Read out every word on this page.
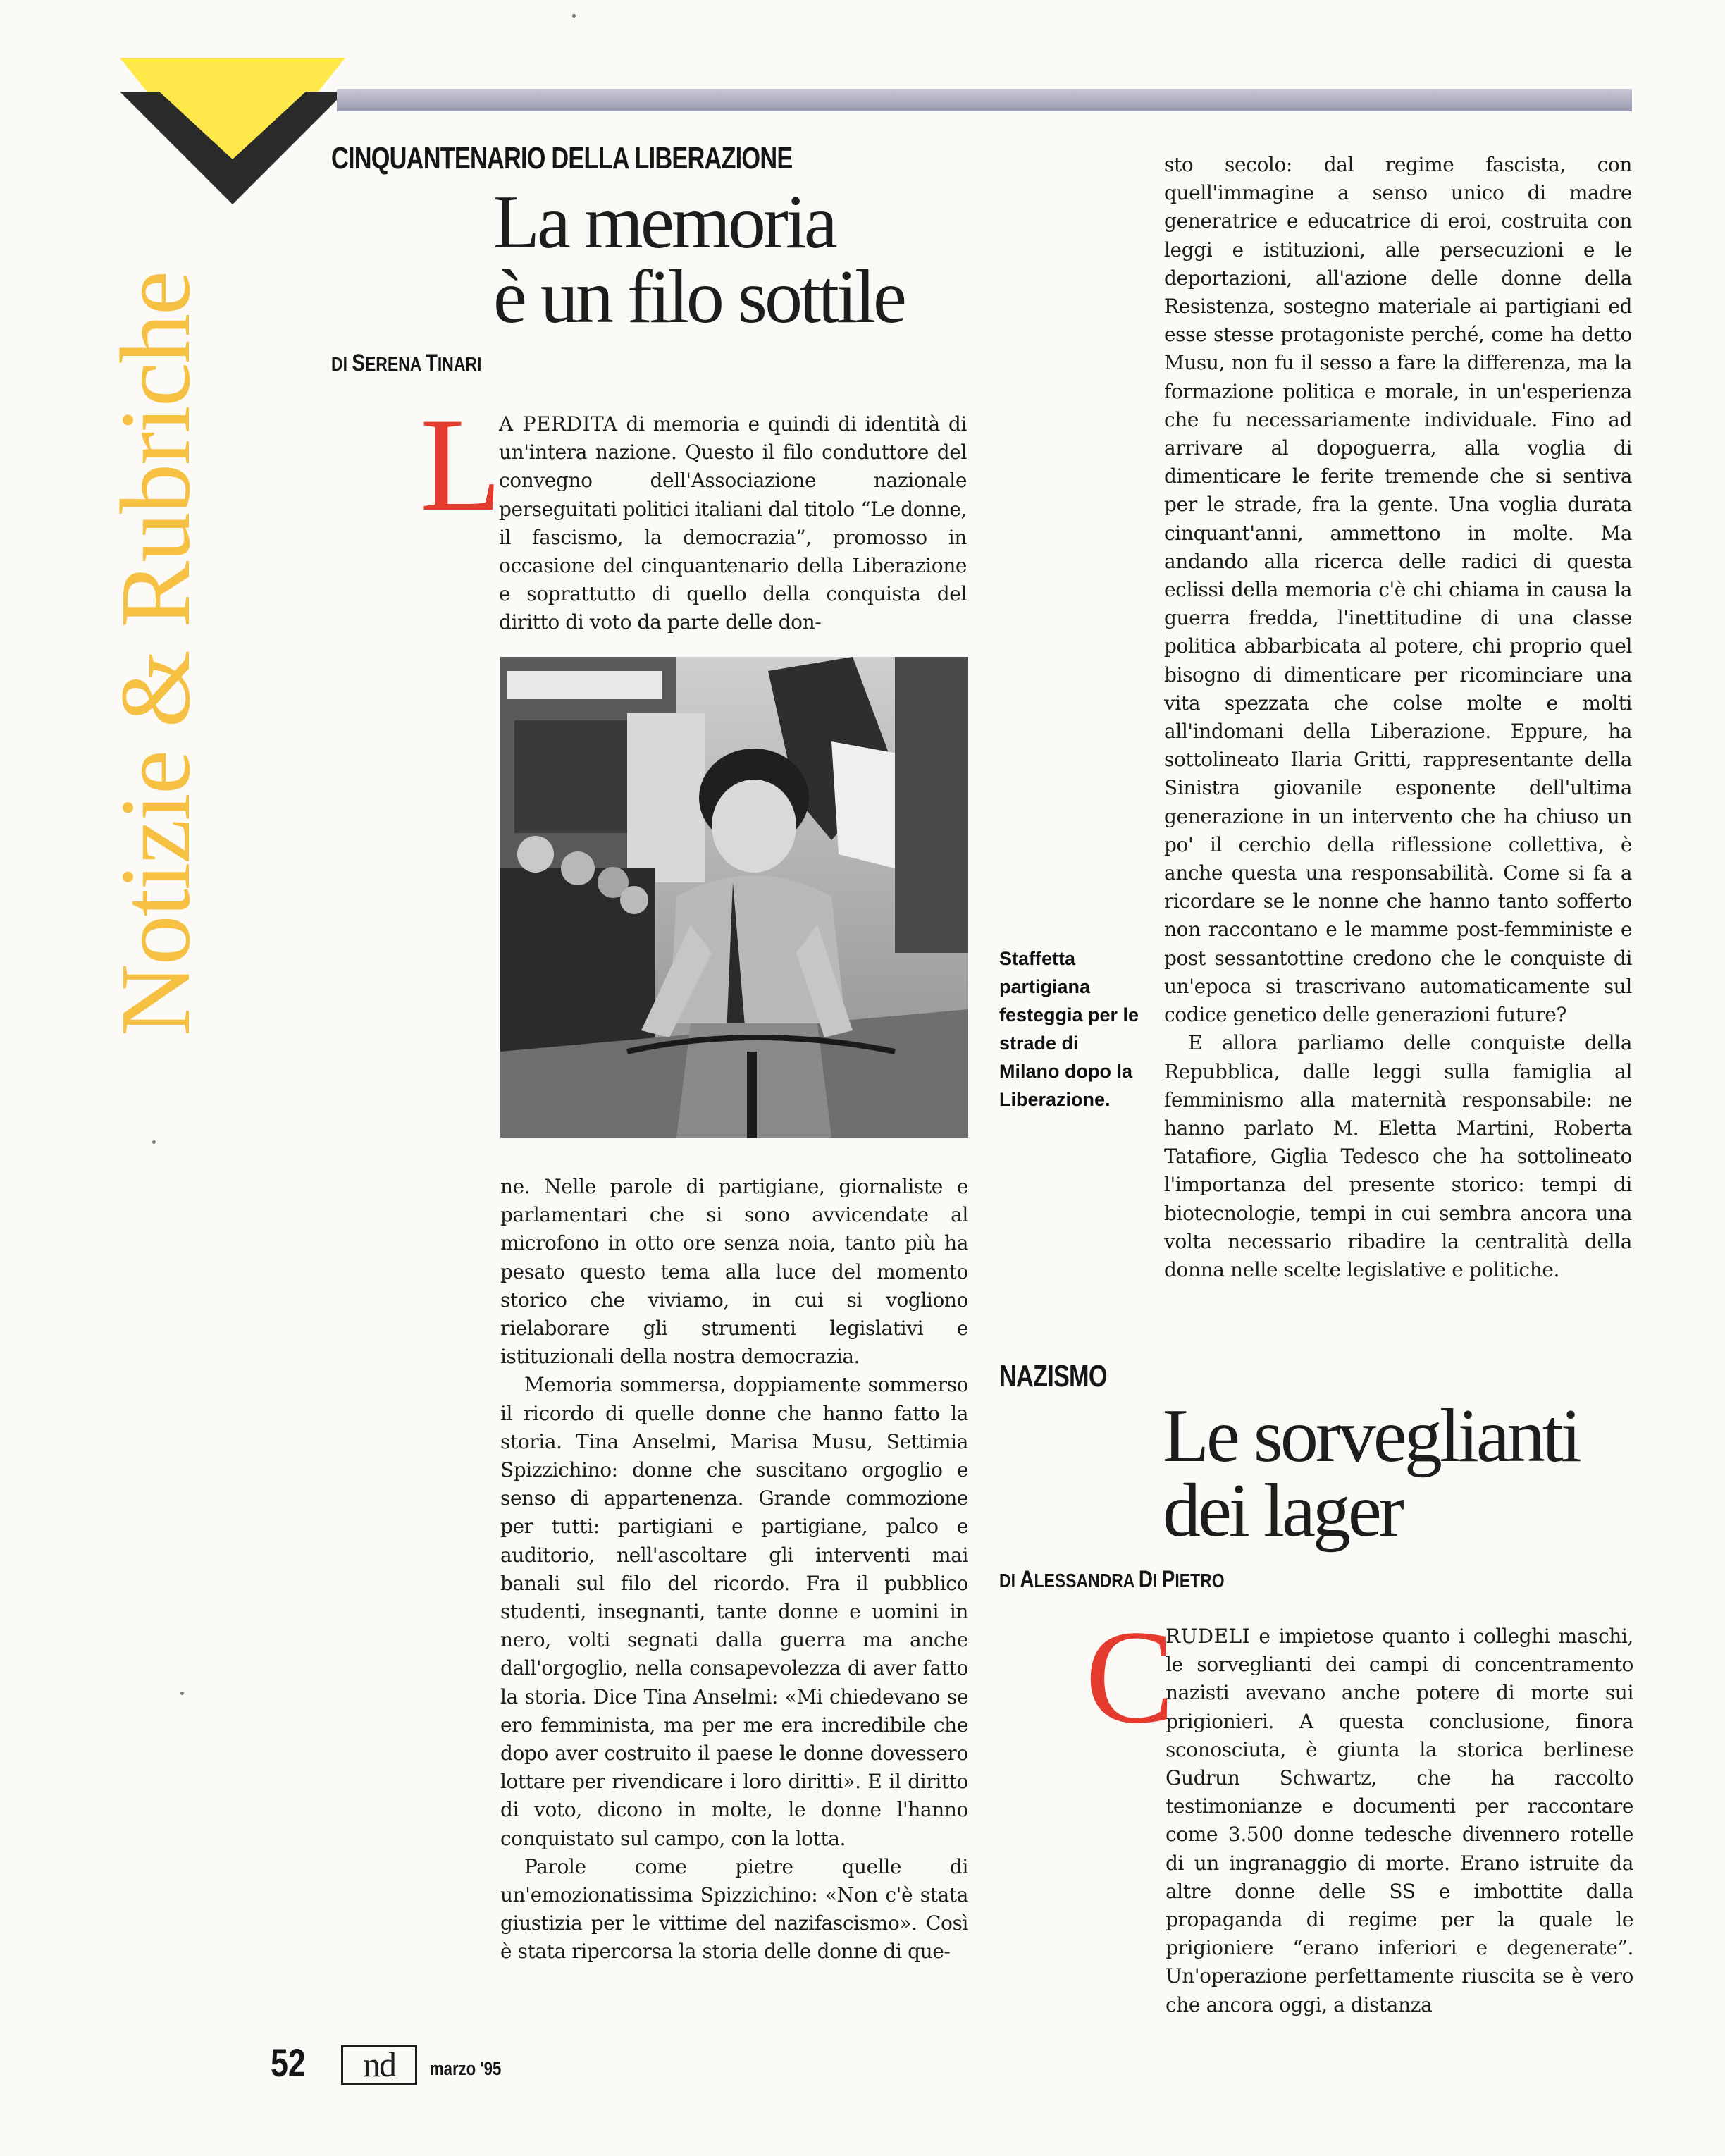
Notizie & Rubriche
CINQUANTENARIO DELLA LIBERAZIONE
La memoria
è un filo sottile
DI SERENA TINARI
L

A PERDITA di memoria e quindi di identità di un'intera nazione. Questo il filo conduttore del convegno dell'Associazione nazionale perseguitati politici italiani dal titolo “Le donne, il fascismo, la democrazia”, promosso in occasione del cinquantenario della Liberazione e soprattutto di quello della conquista del diritto di voto da parte delle don-

Staffetta partigiana festeggia per le strade di Milano dopo la Liberazione.

ne. Nelle parole di partigiane, giornaliste e parlamentari che si sono avvicendate al microfono in otto ore senza noia, tanto più ha pesato questo tema alla luce del momento storico che viviamo, in cui si vogliono rielaborare gli strumenti legislativi e istituzionali della nostra democrazia.

Memoria sommersa, doppiamente sommerso il ricordo di quelle donne che hanno fatto la storia. Tina Anselmi, Marisa Musu, Settimia Spizzichino: donne che suscitano orgoglio e senso di appartenenza. Grande commozione per tutti: partigiani e partigiane, palco e auditorio, nell'ascoltare gli interventi mai banali sul filo del ricordo. Fra il pubblico studenti, insegnanti, tante donne e uomini in nero, volti segnati dalla guerra ma anche dall'orgoglio, nella consapevolezza di aver fatto la storia. Dice Tina Anselmi: «Mi chiedevano se ero femminista, ma per me era incredibile che dopo aver costruito il paese le donne dovessero lottare per rivendicare i loro diritti». E il diritto di voto, dicono in molte, le donne l'hanno conquistato sul campo, con la lotta.

Parole come pietre quelle di un'emozionatissima Spizzichino: «Non c'è stata giustizia per le vittime del nazifascismo». Così è stata ripercorsa la storia delle donne di que-

sto secolo: dal regime fascista, con quell'immagine a senso unico di madre generatrice e educatrice di eroi, costruita con leggi e istituzioni, alle persecuzioni e le deportazioni, all'azione delle donne della Resistenza, sostegno materiale ai partigiani ed esse stesse protagoniste perché, come ha detto Musu, non fu il sesso a fare la differenza, ma la formazione politica e morale, in un'esperienza che fu necessariamente individuale. Fino ad arrivare al dopoguerra, alla voglia di dimenticare le ferite tremende che si sentiva per le strade, fra la gente. Una voglia durata cinquant'anni, ammettono in molte. Ma andando alla ricerca delle radici di questa eclissi della memoria c'è chi chiama in causa la guerra fredda, l'inettitudine di una classe politica abbarbicata al potere, chi proprio quel bisogno di dimenticare per ricominciare una vita spezzata che colse molte e molti all'indomani della Liberazione. Eppure, ha sottolineato Ilaria Gritti, rappresentante della Sinistra giovanile esponente dell'ultima generazione in un intervento che ha chiuso un po' il cerchio della riflessione collettiva, è anche questa una responsabilità. Come si fa a ricordare se le nonne che hanno tanto sofferto non raccontano e le mamme post-femministe e post sessantottine credono che le conquiste di un'epoca si trascrivano automaticamente sul codice genetico delle generazioni future?

E allora parliamo delle conquiste della Repubblica, dalle leggi sulla famiglia al femminismo alla maternità responsabile: ne hanno parlato M. Eletta Martini, Roberta Tatafiore, Giglia Tedesco che ha sottolineato l'importanza del presente storico: tempi di biotecnologie, tempi in cui sembra ancora una volta necessario ribadire la centralità della donna nelle scelte legislative e politiche.

NAZISMO
Le sorveglianti
dei lager
DI ALESSANDRA DI PIETRO
C

RUDELI e impietose quanto i colleghi maschi, le sorveglianti dei campi di concentramento nazisti avevano anche potere di morte sui prigionieri. A questa conclusione, finora sconosciuta, è giunta la storica berlinese Gudrun Schwartz, che ha raccolto testimonianze e documenti per raccontare come 3.500 donne tedesche divennero rotelle di un ingranaggio di morte. Erano istruite da altre donne delle SS e imbottite dalla propaganda di regime per la quale le prigioniere “erano inferiori e degenerate”. Un'operazione perfettamente riuscita se è vero che ancora oggi, a distanza

52	nd	marzo '95
